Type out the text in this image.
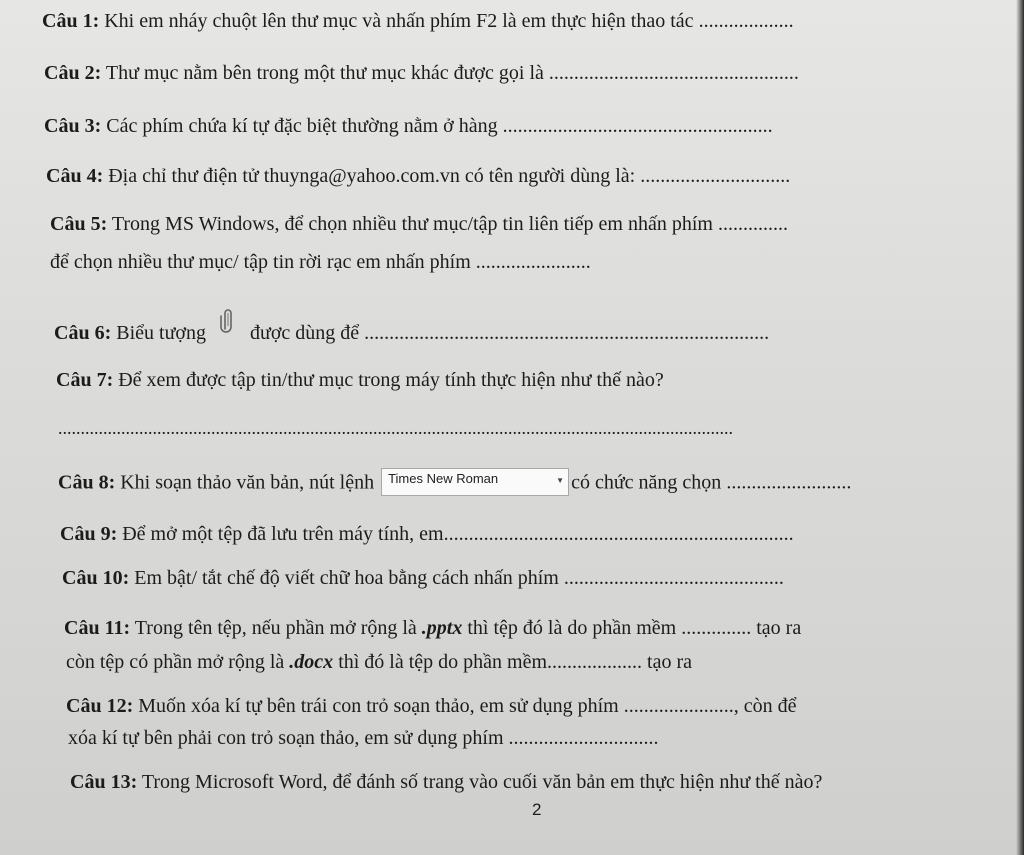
Câu 1: Khi em nháy chuột lên thư mục và nhấn phím F2 là em thực hiện thao tác ...................
Câu 2: Thư mục nằm bên trong một thư mục khác được gọi là ..................................................
Câu 3: Các phím chứa kí tự đặc biệt thường nằm ở hàng ......................................................
Câu 4: Địa chỉ thư điện tử thuynga@yahoo.com.vn có tên người dùng là: ..............................
Câu 5: Trong MS Windows, để chọn nhiều thư mục/tập tin liên tiếp em nhấn phím ..............
để chọn nhiều thư mục/ tập tin rời rạc em nhấn phím .......................
Câu 6: Biểu tượng được dùng để .................................................................................
Câu 7: Để xem được tập tin/thư mục trong máy tính thực hiện như thế nào?
......................................................................................................................................................
Câu 8: Khi soạn thảo văn bản, nút lệnh Times New Roman	▼ có chức năng chọn .........................
Câu 9: Để mở một tệp đã lưu trên máy tính, em......................................................................
Câu 10: Em bật/ tắt chế độ viết chữ hoa bằng cách nhấn phím ............................................
Câu 11: Trong tên tệp, nếu phần mở rộng là .pptx thì tệp đó là do phần mềm .............. tạo ra
còn tệp có phần mở rộng là .docx thì đó là tệp do phần mềm................... tạo ra
Câu 12: Muốn xóa kí tự bên trái con trỏ soạn thảo, em sử dụng phím ......................, còn để
xóa kí tự bên phải con trỏ soạn thảo, em sử dụng phím ..............................
Câu 13: Trong Microsoft Word, để đánh số trang vào cuối văn bản em thực hiện như thế nào?
2
